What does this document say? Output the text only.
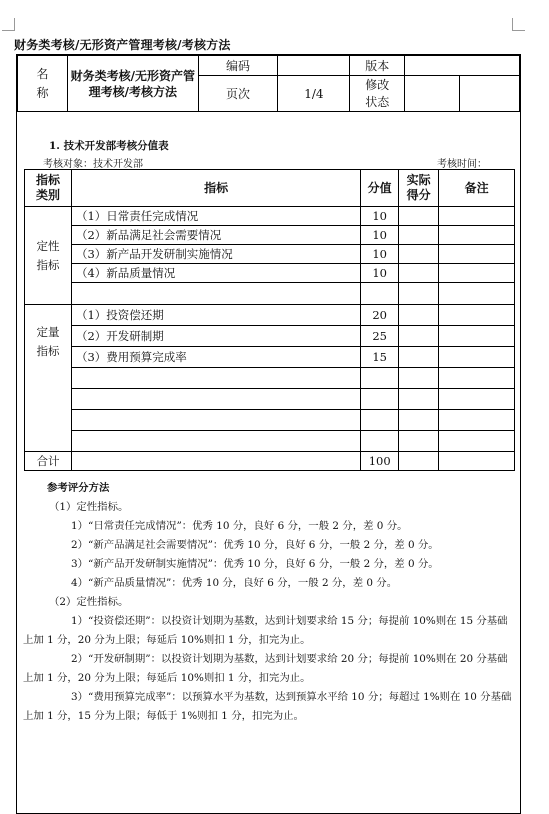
财务类考核/无形资产管理考核/考核方法
名称	财务类考核/无形资产管理考核/考核方法	编码		版本		
		页次	1/4	修改状态		
1. 技术开发部考核分值表
考核对象：技术开发部	考核时间：
指标类别	指标	分值	实际得分	备注
定性指标	（1）日常责任完成情况	10		
	（2）新品满足社会需要情况	10		
	（3）新产品开发研制实施情况	10		
	（4）新品质量情况	10		

定量指标	（1）投资偿还期	20		
	（2）开发研制期	25		
	（3）费用预算完成率	15		

合计		100		
参考评分方法
（1）定性指标。
1）“日常责任完成情况”：优秀 10 分，良好 6 分，一般 2 分，差 0 分。
2）“新产品满足社会需要情况”：优秀 10 分，良好 6 分，一般 2 分，差 0 分。
3）“新产品开发研制实施情况”：优秀 10 分，良好 6 分，一般 2 分，差 0 分。
4）“新产品质量情况”：优秀 10 分，良好 6 分，一般 2 分，差 0 分。
（2）定性指标。
1）“投资偿还期”：以投资计划期为基数，达到计划要求给 15 分；每提前 10%则在 15 分基础
上加 1 分，20 分为上限；每延后 10%则扣 1 分，扣完为止。
2）“开发研制期”：以投资计划期为基数，达到计划要求给 20 分；每提前 10%则在 20 分基础
上加 1 分，20 分为上限；每延后 10%则扣 1 分，扣完为止。
3）“费用预算完成率”：以预算水平为基数，达到预算水平给 10 分；每超过 1%则在 10 分基础
上加 1 分，15 分为上限；每低于 1%则扣 1 分，扣完为止。
